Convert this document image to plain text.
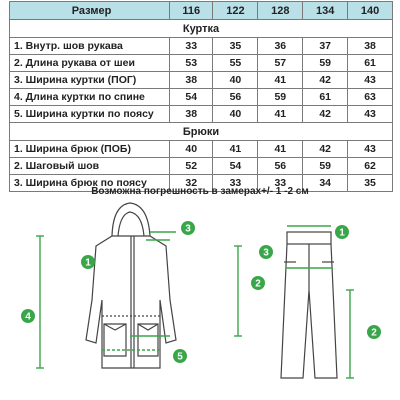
Размер	116	122	128	134	140
Куртка					
1. Внутр. шов рукава	33	35	36	37	38
2. Длина рукава от шеи	53	55	57	59	61
3. Ширина куртки (ПОГ)	38	40	41	42	43
4. Длина куртки по спине	54	56	59	61	63
5. Ширина куртки по поясу	38	40	41	42	43
Брюки					
1. Ширина брюк (ПОБ)	40	41	41	42	43
2. Шаговый шов	52	54	56	59	62
3. Ширина брюк по поясу	32	33	33	34	35
Возможна погрешность в замерах+/- 1 -2 см
1
2
3
4
5
1
2
3
